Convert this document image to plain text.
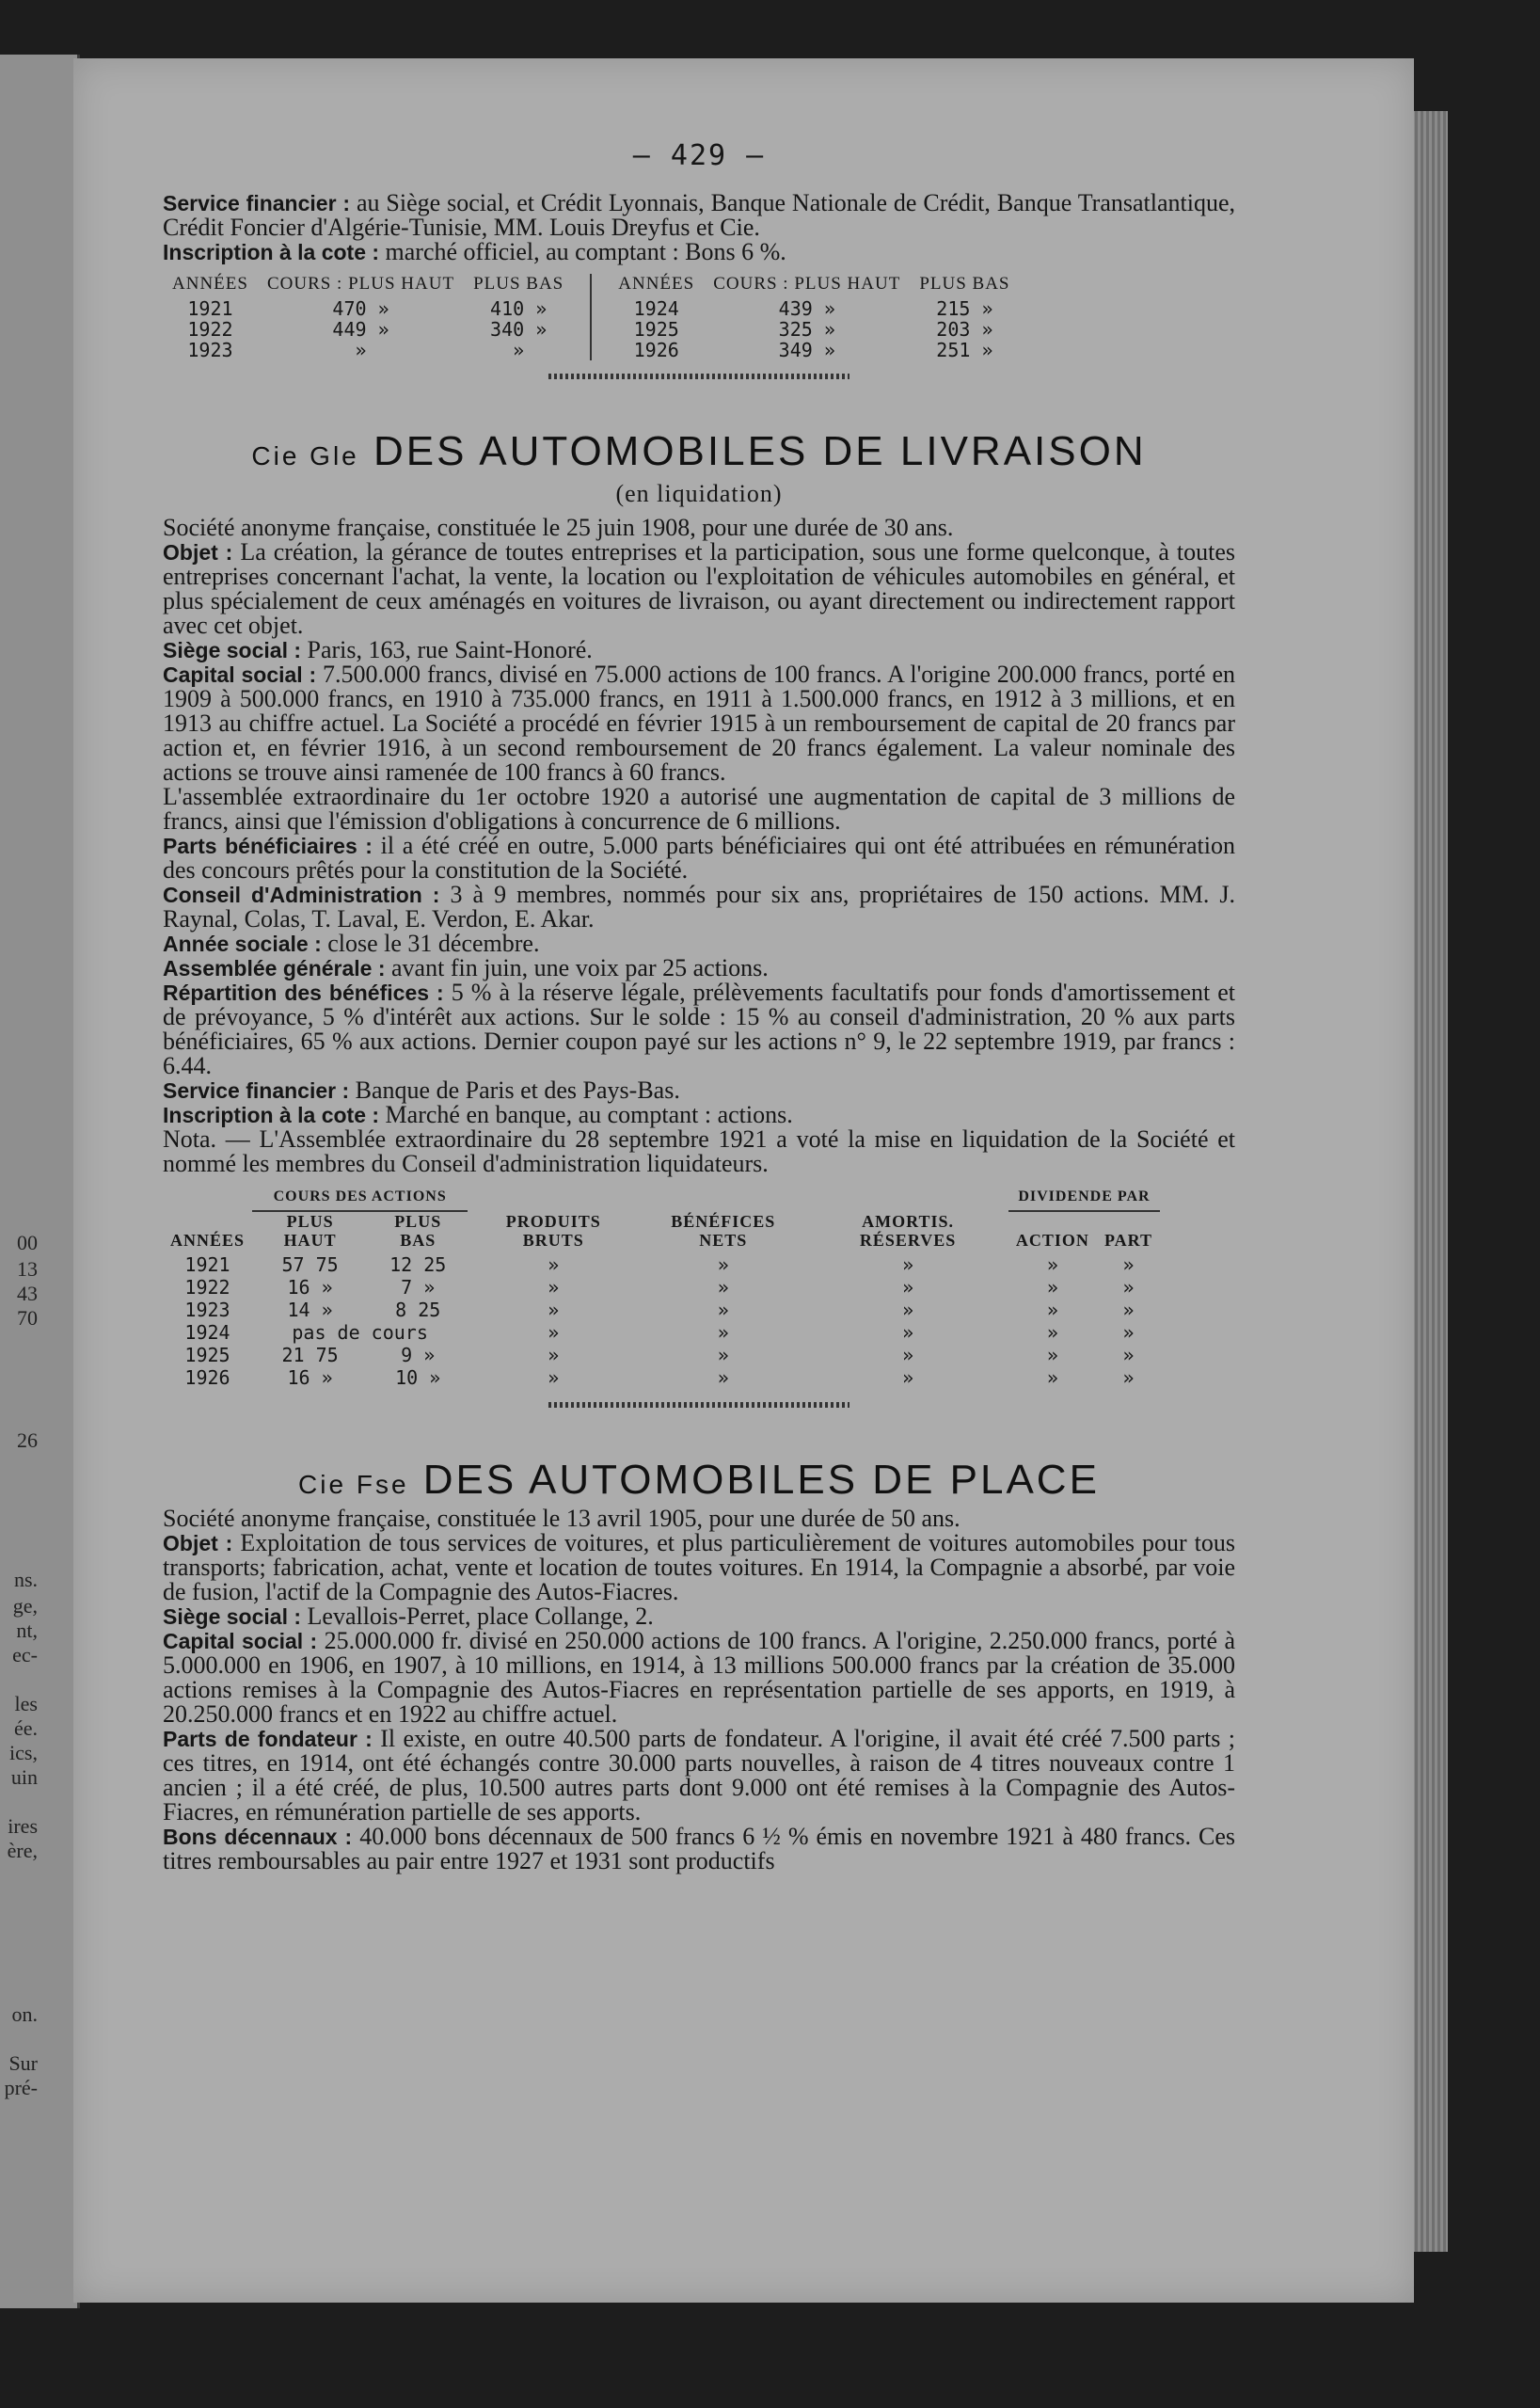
00
13
43
70
26
ns.
ge,
nt,
ec-
les
ée.
ics,
uin
ires
ère,
on.
Sur
pré-
— 429 —

Service financier : au Siège social, et Crédit Lyonnais, Banque Nationale de Crédit, Banque Transatlantique, Crédit Foncier d'Algérie-Tunisie, MM. Louis Dreyfus et Cie.

Inscription à la cote : marché officiel, au comptant : Bons 6 %.

ANNÉES	COURS : PLUS HAUT	PLUS BAS
1921	470 »	410 »
1922	449 »	340 »
1923	»	»
ANNÉES	COURS : PLUS HAUT	PLUS BAS
1924	439 »	215 »
1925	325 »	203 »
1926	349 »	251 »
Cie Gle DES AUTOMOBILES DE LIVRAISON
(en liquidation)

Société anonyme française, constituée le 25 juin 1908, pour une durée de 30 ans.

Objet : La création, la gérance de toutes entreprises et la participation, sous une forme quelconque, à toutes entreprises concernant l'achat, la vente, la location ou l'exploitation de véhicules automobiles en général, et plus spécialement de ceux aménagés en voitures de livraison, ou ayant directement ou indirectement rapport avec cet objet.

Siège social : Paris, 163, rue Saint-Honoré.

Capital social : 7.500.000 francs, divisé en 75.000 actions de 100 francs. A l'origine 200.000 francs, porté en 1909 à 500.000 francs, en 1910 à 735.000 francs, en 1911 à 1.500.000 francs, en 1912 à 3 millions, et en 1913 au chiffre actuel. La Société a procédé en février 1915 à un remboursement de capital de 20 francs par action et, en février 1916, à un second remboursement de 20 francs également. La valeur nominale des actions se trouve ainsi ramenée de 100 francs à 60 francs.

L'assemblée extraordinaire du 1er octobre 1920 a autorisé une augmentation de capital de 3 millions de francs, ainsi que l'émission d'obligations à concurrence de 6 millions.

Parts bénéficiaires : il a été créé en outre, 5.000 parts bénéficiaires qui ont été attribuées en rémunération des concours prêtés pour la constitution de la Société.

Conseil d'Administration : 3 à 9 membres, nommés pour six ans, propriétaires de 150 actions. MM. J. Raynal, Colas, T. Laval, E. Verdon, E. Akar.

Année sociale : close le 31 décembre.

Assemblée générale : avant fin juin, une voix par 25 actions.

Répartition des bénéfices : 5 % à la réserve légale, prélèvements facultatifs pour fonds d'amortissement et de prévoyance, 5 % d'intérêt aux actions. Sur le solde : 15 % au conseil d'administration, 20 % aux parts bénéficiaires, 65 % aux actions. Dernier coupon payé sur les actions n° 9, le 22 septembre 1919, par francs : 6.44.

Service financier : Banque de Paris et des Pays-Bas.

Inscription à la cote : Marché en banque, au comptant : actions.

Nota. — L'Assemblée extraordinaire du 28 septembre 1921 a voté la mise en liquidation de la Société et nommé les membres du Conseil d'administration liquidateurs.

ANNÉES	COURS DES ACTIONS		PRODUITS BRUTS	BÉNÉFICES NETS	AMORTIS. RÉSERVES	DIVIDENDE PAR	
	PLUS HAUT	PLUS BAS				ACTION	PART
1921	57 75	12 25	»	»	»	»	»
1922	16 »	7 »	»	»	»	»	»
1923	14 »	8 25	»	»	»	»	»
1924	pas de cours		»	»	»	»	»
1925	21 75	9 »	»	»	»	»	»
1926	16 »	10 »	»	»	»	»	»
Cie Fse DES AUTOMOBILES DE PLACE

Société anonyme française, constituée le 13 avril 1905, pour une durée de 50 ans.

Objet : Exploitation de tous services de voitures, et plus particulièrement de voitures automobiles pour tous transports; fabrication, achat, vente et location de toutes voitures. En 1914, la Compagnie a absorbé, par voie de fusion, l'actif de la Compagnie des Autos-Fiacres.

Siège social : Levallois-Perret, place Collange, 2.

Capital social : 25.000.000 fr. divisé en 250.000 actions de 100 francs. A l'origine, 2.250.000 francs, porté à 5.000.000 en 1906, en 1907, à 10 millions, en 1914, à 13 millions 500.000 francs par la création de 35.000 actions remises à la Compagnie des Autos-Fiacres en représentation partielle de ses apports, en 1919, à 20.250.000 francs et en 1922 au chiffre actuel.

Parts de fondateur : Il existe, en outre 40.500 parts de fondateur. A l'origine, il avait été créé 7.500 parts ; ces titres, en 1914, ont été échangés contre 30.000 parts nouvelles, à raison de 4 titres nouveaux contre 1 ancien ; il a été créé, de plus, 10.500 autres parts dont 9.000 ont été remises à la Compagnie des Autos-Fiacres, en rémunération partielle de ses apports.

Bons décennaux : 40.000 bons décennaux de 500 francs 6 ½ % émis en novembre 1921 à 480 francs. Ces titres remboursables au pair entre 1927 et 1931 sont productifs
